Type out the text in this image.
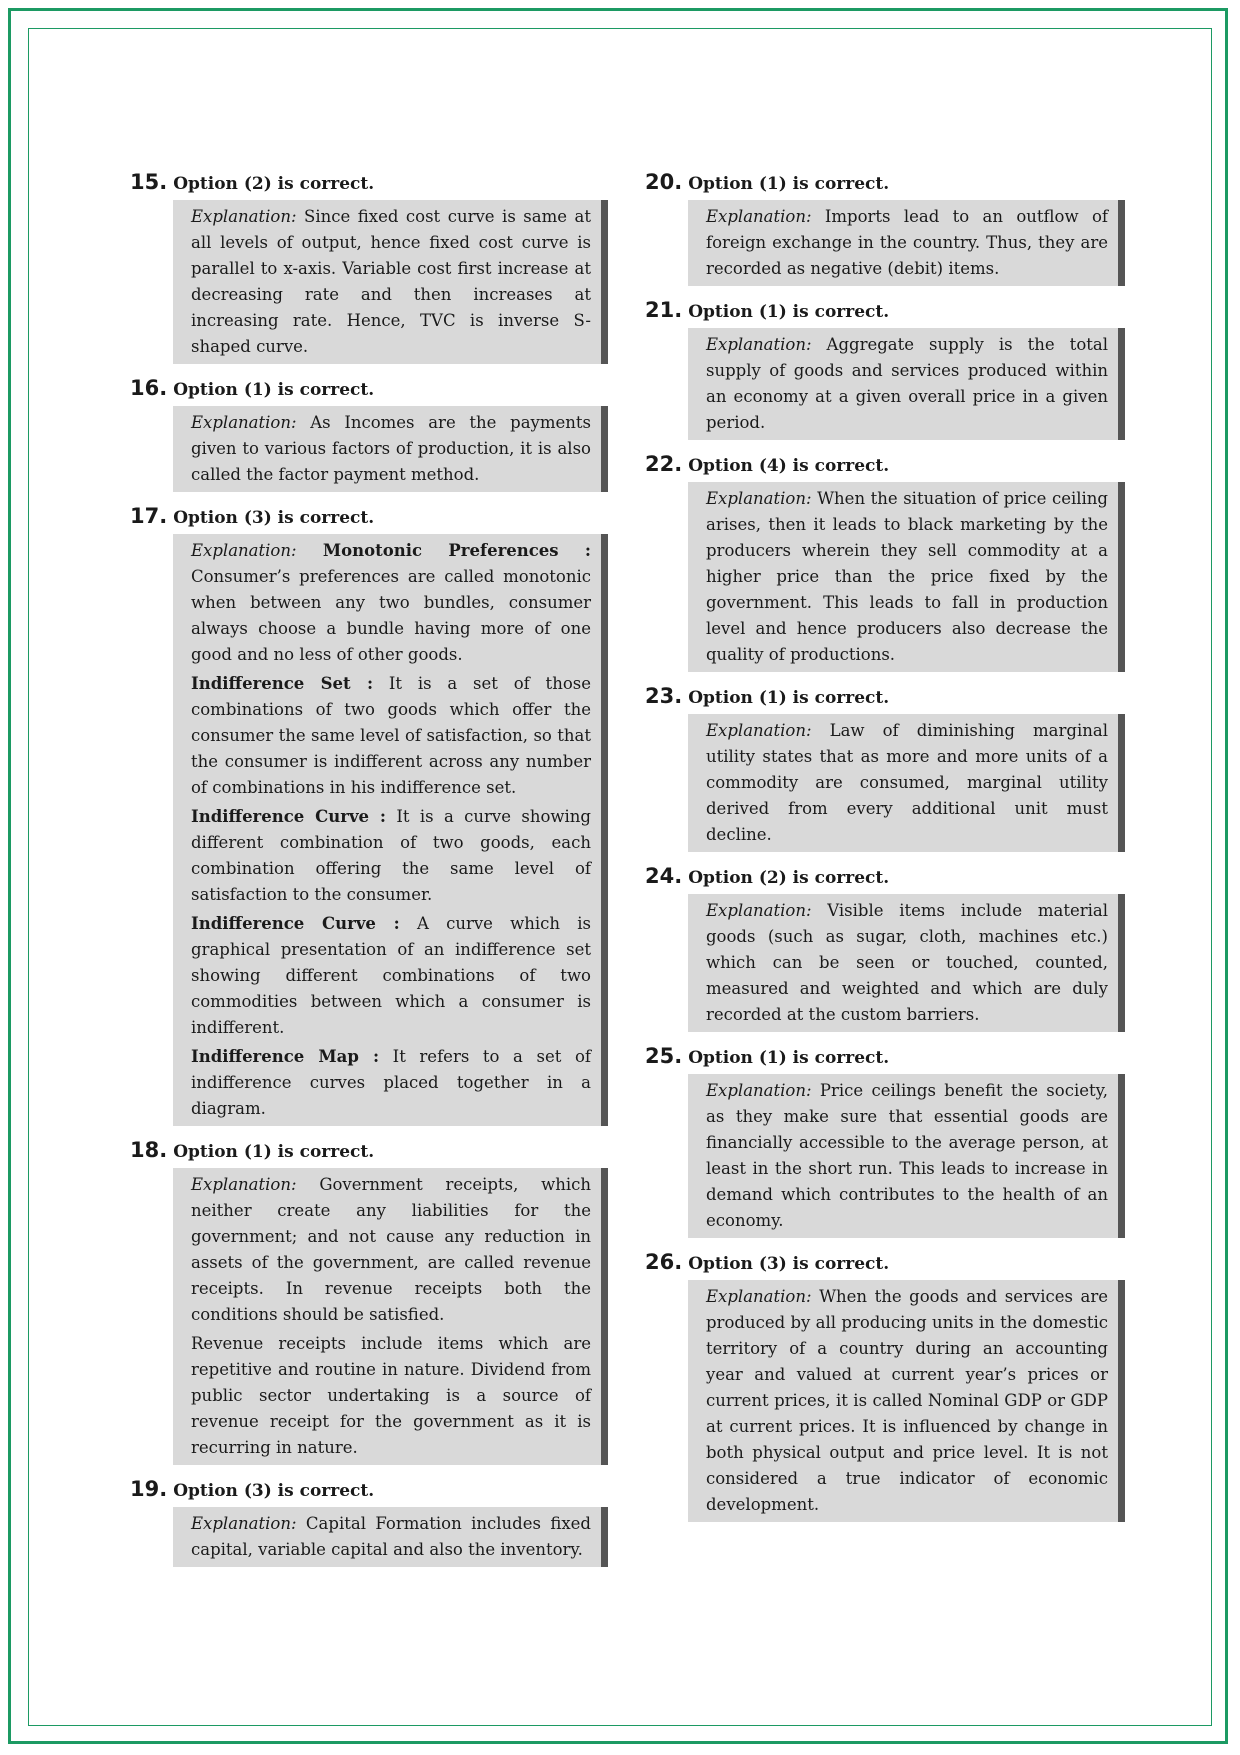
15. Option (2) is correct.

Explanation: Since fixed cost curve is same at all levels of output, hence fixed cost curve is parallel to x-axis. Variable cost first increase at decreasing rate and then increases at increasing rate. Hence, TVC is inverse S-shaped curve.

16. Option (1) is correct.

Explanation: As Incomes are the payments given to various factors of production, it is also called the factor payment method.

17. Option (3) is correct.

Explanation: Monotonic Preferences : Consumer’s preferences are called monotonic when between any two bundles, consumer always choose a bundle having more of one good and no less of other goods.

Indifference Set : It is a set of those combinations of two goods which offer the consumer the same level of satisfaction, so that the consumer is indifferent across any number of combinations in his indifference set.

Indifference Curve : It is a curve showing different combination of two goods, each combination offering the same level of satisfaction to the consumer.

Indifference Curve : A curve which is graphical presentation of an indifference set showing different combinations of two commodities between which a consumer is indifferent.

Indifference Map : It refers to a set of indifference curves placed together in a diagram.

18. Option (1) is correct.

Explanation: Government receipts, which neither create any liabilities for the government; and not cause any reduction in assets of the government, are called revenue receipts. In revenue receipts both the conditions should be satisfied.

Revenue receipts include items which are repetitive and routine in nature. Dividend from public sector undertaking is a source of revenue receipt for the government as it is recurring in nature.

19. Option (3) is correct.

Explanation: Capital Formation includes fixed capital, variable capital and also the inventory.

20. Option (1) is correct.

Explanation: Imports lead to an outflow of foreign exchange in the country. Thus, they are recorded as negative (debit) items.

21. Option (1) is correct.

Explanation: Aggregate supply is the total supply of goods and services produced within an economy at a given overall price in a given period.

22. Option (4) is correct.

Explanation: When the situation of price ceiling arises, then it leads to black marketing by the producers wherein they sell commodity at a higher price than the price fixed by the government. This leads to fall in production level and hence producers also decrease the quality of productions.

23. Option (1) is correct.

Explanation: Law of diminishing marginal utility states that as more and more units of a commodity are consumed, marginal utility derived from every additional unit must decline.

24. Option (2) is correct.

Explanation: Visible items include material goods (such as sugar, cloth, machines etc.) which can be seen or touched, counted, measured and weighted and which are duly recorded at the custom barriers.

25. Option (1) is correct.

Explanation: Price ceilings benefit the society, as they make sure that essential goods are financially accessible to the average person, at least in the short run. This leads to increase in demand which contributes to the health of an economy.

26. Option (3) is correct.

Explanation: When the goods and services are produced by all producing units in the domestic territory of a country during an accounting year and valued at current year’s prices or current prices, it is called Nominal GDP or GDP at current prices. It is influenced by change in both physical output and price level. It is not considered a true indicator of economic development.
